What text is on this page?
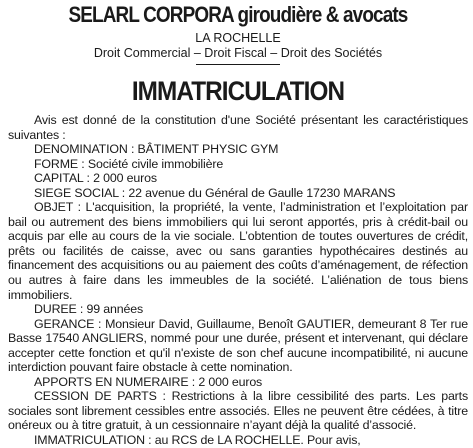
SELARL CORPORA giroudière & avocats
LA ROCHELLE
Droit Commercial – Droit Fiscal – Droit des Sociétés
IMMATRICULATION

Avis est donné de la constitution d'une Société présentant les caractéristiques suivantes :

DENOMINATION : BÂTIMENT PHYSIC GYM

FORME : Société civile immobilière

CAPITAL : 2 000 euros

SIEGE SOCIAL : 22 avenue du Général de Gaulle 17230 MARANS

OBJET : L'acquisition, la propriété, la vente, l’administration et l’exploitation par bail ou autrement des biens immobiliers qui lui seront apportés, pris à crédit-bail ou acquis par elle au cours de la vie sociale. L’obtention de toutes ouvertures de crédit, prêts ou facilités de caisse, avec ou sans garanties hypothécaires destinés au financement des acquisitions ou au paiement des coûts d’aménagement, de réfection ou autres à faire dans les immeubles de la société. L’aliénation de tous biens immobiliers.

DUREE : 99 années

GERANCE : Monsieur David, Guillaume, Benoît GAUTIER, demeurant 8 Ter rue Basse 17540 ANGLIERS, nommé pour une durée, présent et intervenant, qui déclare accepter cette fonction et qu'il n'existe de son chef aucune incompatibilité, ni aucune interdiction pouvant faire obstacle à cette nomination.

APPORTS EN NUMERAIRE : 2 000 euros

CESSION DE PARTS : Restrictions à la libre cessibilité des parts. Les parts sociales sont librement cessibles entre associés. Elles ne peuvent être cédées, à titre onéreux ou à titre gratuit, à un cessionnaire n’ayant déjà la qualité d’associé.

IMMATRICULATION : au RCS de LA ROCHELLE. Pour avis,
